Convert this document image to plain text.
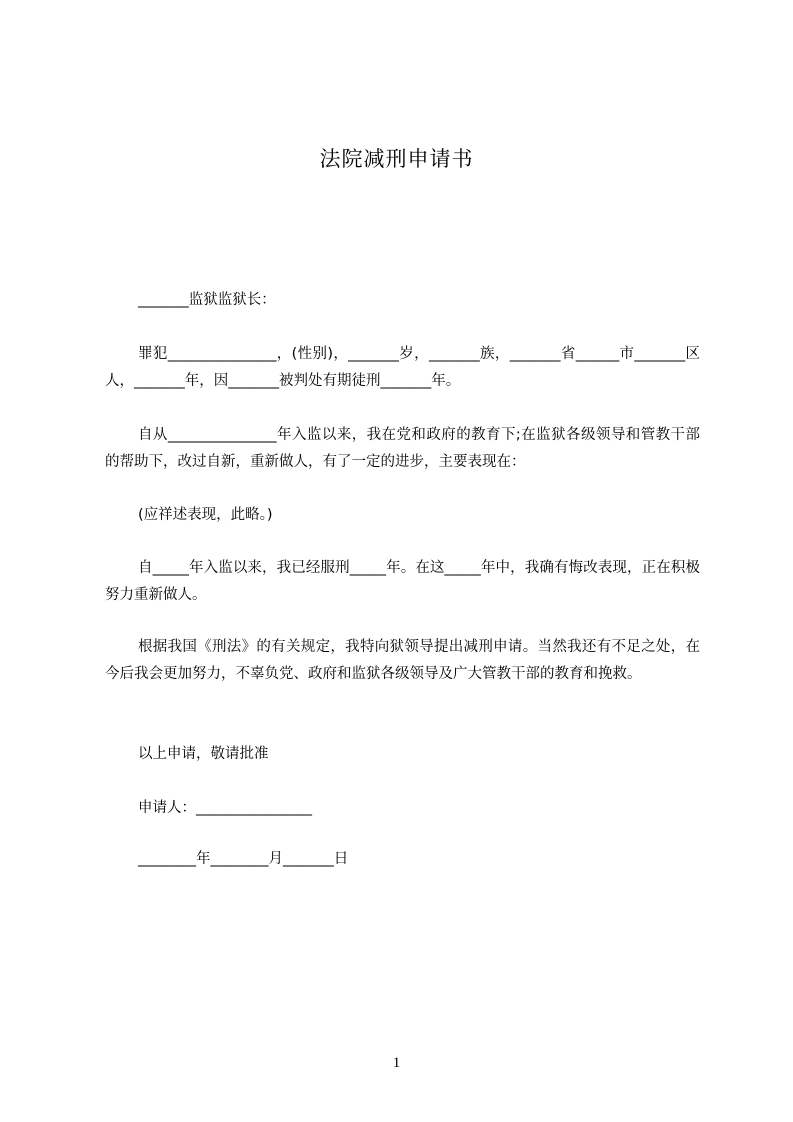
法院减刑申请书
_______监狱监狱长：
罪犯_______________，(性别)，_______岁，_______族，_______省______市_______区人，_______年，因_______被判处有期徒刑_______年。
自从_______________年入监以来，我在党和政府的教育下;在监狱各级领导和管教干部的帮助下，改过自新，重新做人，有了一定的进步，主要表现在：
(应祥述表现，此略。)
自_____年入监以来，我已经服刑_____年。在这_____年中，我确有悔改表现，正在积极努力重新做人。
根据我国《刑法》的有关规定，我特向狱领导提出减刑申请。当然我还有不足之处，在今后我会更加努力，不辜负党、政府和监狱各级领导及广大管教干部的教育和挽救。
以上申请，敬请批准
申请人：________________
________年________月_______日
1
